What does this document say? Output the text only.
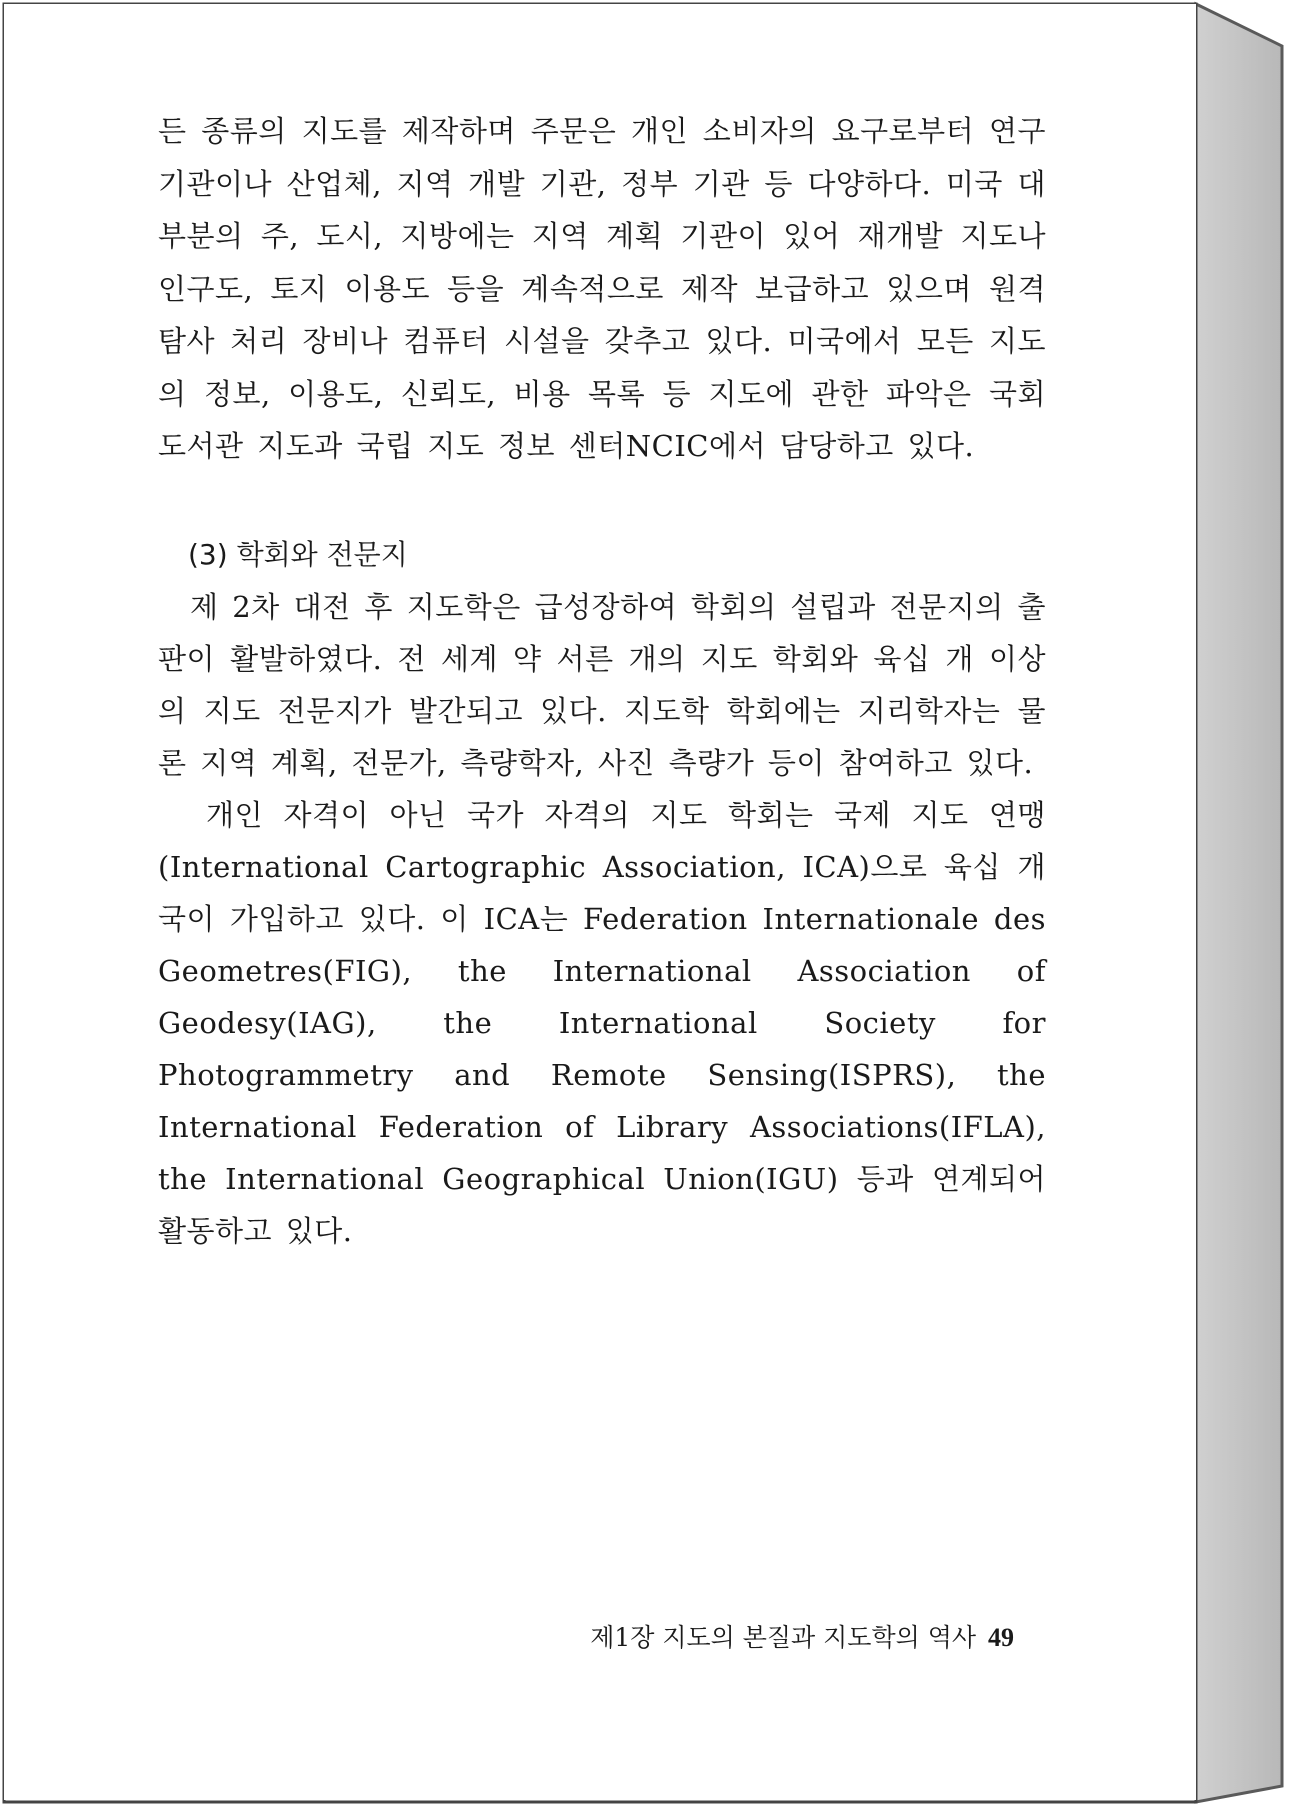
든 종류의 지도를 제작하며 주문은 개인 소비자의 요구로부터 연구 기관이나 산업체, 지역 개발 기관, 정부 기관 등 다양하다. 미국 대부분의 주, 도시, 지방에는 지역 계획 기관이 있어 재개발 지도나 인구도, 토지 이용도 등을 계속적으로 제작 보급하고 있으며 원격 탐사 처리 장비나 컴퓨터 시설을 갖추고 있다. 미국에서 모든 지도의 정보, 이용도, 신뢰도, 비용 목록 등 지도에 관한 파악은 국회 도서관 지도과 국립 지도 정보 센터NCIC에서 담당하고 있다.

(3) 학회와 전문지

제 2차 대전 후 지도학은 급성장하여 학회의 설립과 전문지의 출판이 활발하였다. 전 세계 약 서른 개의 지도 학회와 육십 개 이상의 지도 전문지가 발간되고 있다. 지도학 학회에는 지리학자는 물론 지역 계획, 전문가, 측량학자, 사진 측량가 등이 참여하고 있다.

개인 자격이 아닌 국가 자격의 지도 학회는 국제 지도 연맹(International Cartographic Association, ICA)으로 육십 개국이 가입하고 있다. 이 ICA는 Federation Internationale des Geometres(FIG), the International Association of Geodesy(IAG), the International Society for Photogrammetry and Remote Sensing(ISPRS), the International Federation of Library Associations(IFLA), the International Geographical Union(IGU) 등과 연계되어 활동하고 있다.

제1장 지도의 본질과 지도학의 역사 49
